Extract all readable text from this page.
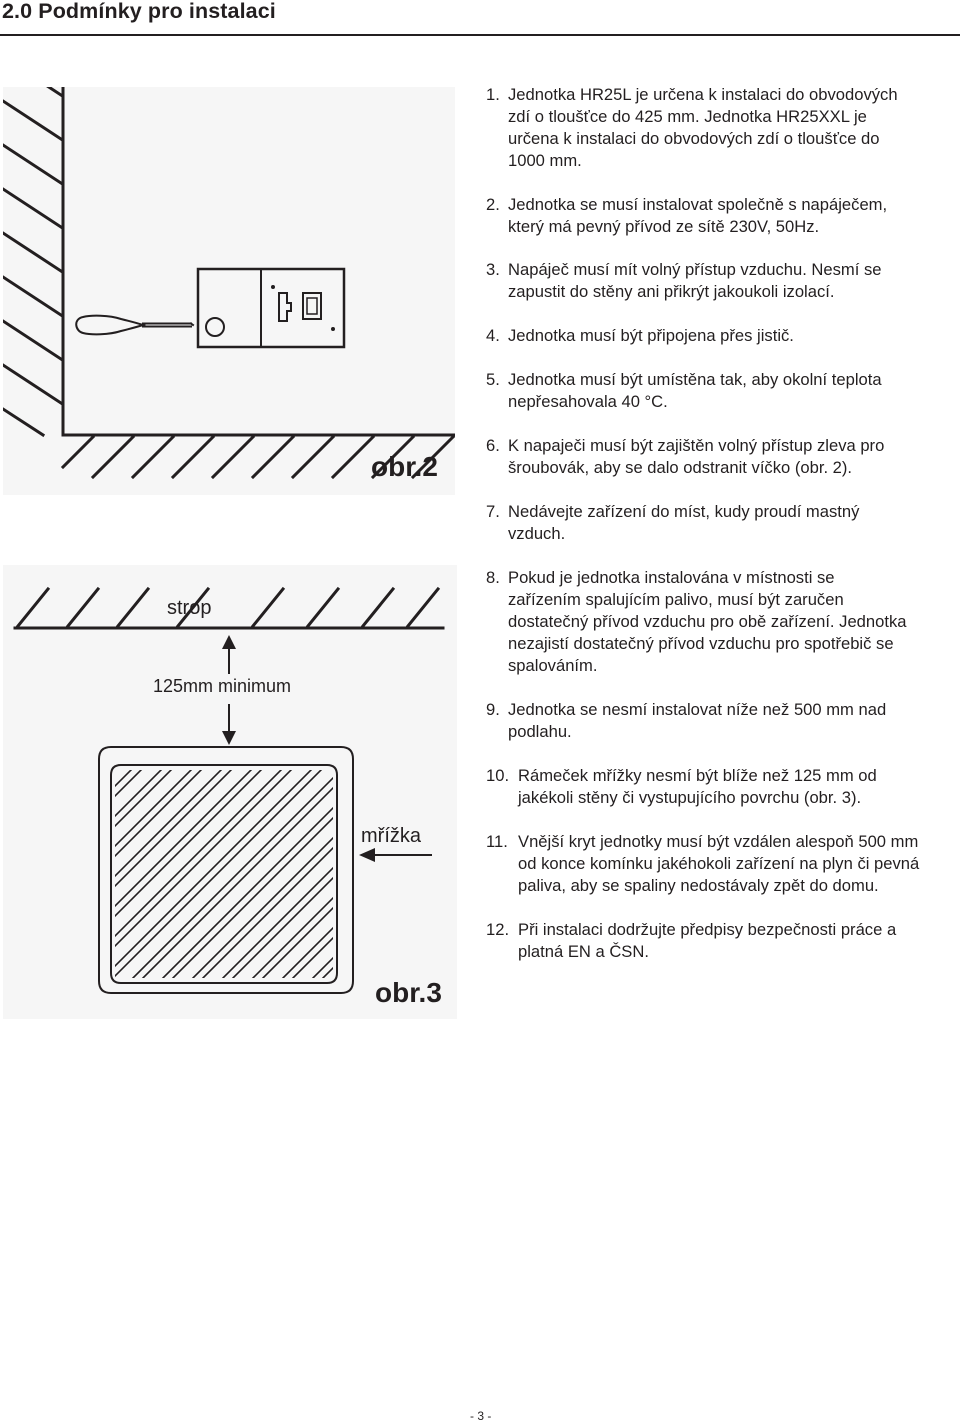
2.0 Podmínky pro instalaci
obr.2
strop
125mm minimum
mřížka
obr.3
1. Jednotka HR25L je určena k instalaci do obvodových
zdí o tloušťce do 425 mm. Jednotka HR25XXL je
určena k instalaci do obvodových zdí o tloušťce do
1000 mm.
2. Jednotka se musí instalovat společně s napáječem,
který má pevný přívod ze sítě 230V, 50Hz.
3. Napáječ musí mít volný přístup vzduchu. Nesmí se
zapustit do stěny ani přikrýt jakoukoli izolací.
4. Jednotka musí být připojena přes jistič.
5. Jednotka musí být umístěna tak, aby okolní teplota
nepřesahovala 40 °C.
6. K napaječi musí být zajištěn volný přístup zleva pro
šroubovák, aby se dalo odstranit víčko (obr. 2).
7. Nedávejte zařízení do míst, kudy proudí mastný
vzduch.
8. Pokud je jednotka instalována v místnosti se
zařízením spalujícím palivo, musí být zaručen
dostatečný přívod vzduchu pro obě zařízení. Jednotka
nezajistí dostatečný přívod vzduchu pro spotřebič se
spalováním.
9. Jednotka se nesmí instalovat níže než 500 mm nad
podlahu.
10. Rámeček mřížky nesmí být blíže než 125 mm od
jakékoli stěny či vystupujícího povrchu (obr. 3).
11. Vnější kryt jednotky musí být vzdálen alespoň 500 mm
od konce komínku jakéhokoli zařízení na plyn či pevná
paliva, aby se spaliny nedostávaly zpět do domu.
12. Při instalaci dodržujte předpisy bezpečnosti práce a
platná EN a ČSN.
- 3 -
